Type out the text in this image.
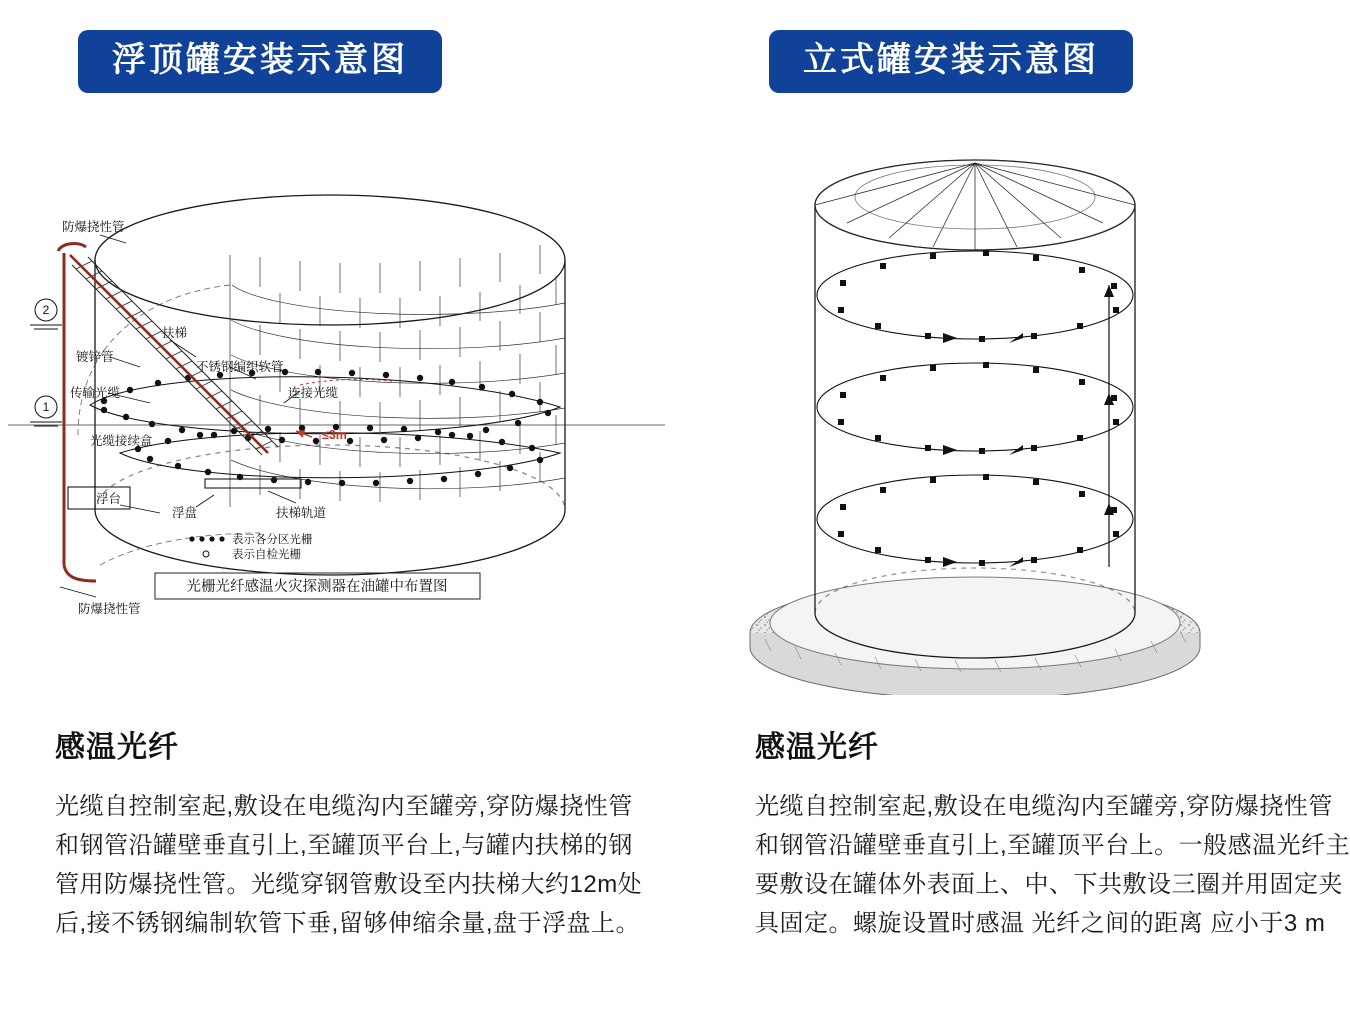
浮顶罐安装示意图
2
1
防爆挠性管
镀锌管
传输光缆
扶梯
不锈钢编织软管
连接光缆
≤3m
光缆接续盒
浮台
浮盘	扶梯轨道
防爆挠性管
表示各分区光栅
表示自检光栅
光栅光纤感温火灾探测器在油罐中布置图
感温光纤

光缆自控制室起,敷设在电缆沟内至罐旁,穿防爆挠性管和钢管沿罐壁垂直引上,至罐顶平台上,与罐内扶梯的钢管用防爆挠性管。光缆穿钢管敷设至内扶梯大约12m处后,接不锈钢编制软管下垂,留够伸缩余量,盘于浮盘上。

立式罐安装示意图
感温光纤

光缆自控制室起,敷设在电缆沟内至罐旁,穿防爆挠性管和钢管沿罐壁垂直引上,至罐顶平台上。一般感温光纤主要敷设在罐体外表面上、中、下共敷设三圈并用固定夹具固定。螺旋设置时感温 光纤之间的距离 应小于3 m
